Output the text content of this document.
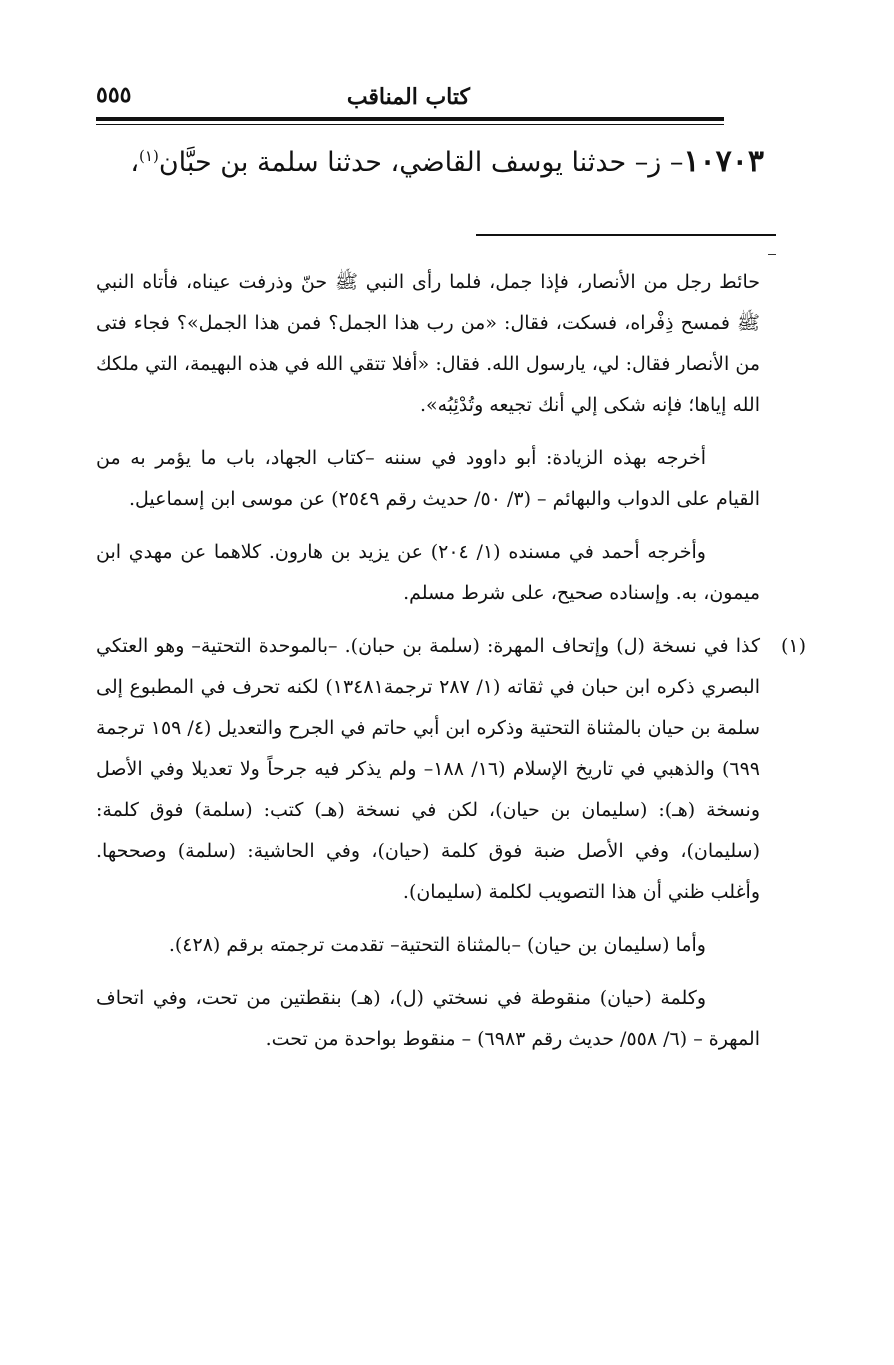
كتاب المناقب
٥٥٥
١٠٧٠٣– ز– حدثنا يوسف القاضي، حدثنا سلمة بن حبَّان$^{(١)}$،

حائط رجل من الأنصار، فإذا جمل، فلما رأى النبي ﷺ حنّ وذرفت عيناه، فأتاه النبي ﷺ فمسح ذِفْراه، فسكت، فقال: «من رب هذا الجمل؟ فمن هذا الجمل»؟ فجاء فتى من الأنصار فقال: لي، يارسول الله. فقال: «أفلا تتقي الله في هذه البهيمة، التي ملكك الله إياها؛ فإنه شكى إلي أنك تجيعه وتُدْئِبُه».

أخرجه بهذه الزيادة: أبو داوود في سننه –كتاب الجهاد، باب ما يؤمر به من القيام على الدواب والبهائم – (٣/ ٥٠/ حديث رقم ٢٥٤٩) عن موسى ابن إسماعيل.

وأخرجه أحمد في مسنده (١/ ٢٠٤) عن يزيد بن هارون. كلاهما عن مهدي ابن ميمون، به. وإسناده صحيح، على شرط مسلم.

(١)
كذا في نسخة (ل) وإتحاف المهرة: (سلمة بن حبان). –بالموحدة التحتية– وهو العتكي البصري ذكره ابن حبان في ثقاته (١/ ٢٨٧ ترجمة١٣٤٨١) لكنه تحرف في المطبوع إلى سلمة بن حيان بالمثناة التحتية وذكره ابن أبي حاتم في الجرح والتعديل (٤/ ١٥٩ ترجمة ٦٩٩) والذهبي في تاريخ الإسلام (١٦/ ١٨٨– ولم يذكر فيه جرحاً ولا تعديلا وفي الأصل ونسخة (هـ): (سليمان بن حيان)، لكن في نسخة (هـ) كتب: (سلمة) فوق كلمة: (سليمان)، وفي الأصل ضبة فوق كلمة (حيان)، وفي الحاشية: (سلمة) وصححها. وأغلب ظني أن هذا التصويب لكلمة (سليمان).

وأما (سليمان بن حيان) –بالمثناة التحتية– تقدمت ترجمته برقم (٤٢٨).

وكلمة (حيان) منقوطة في نسختي (ل)، (هـ) بنقطتين من تحت، وفي اتحاف المهرة – (٦/ ٥٥٨/ حديث رقم ٦٩٨٣) – منقوط بواحدة من تحت.
